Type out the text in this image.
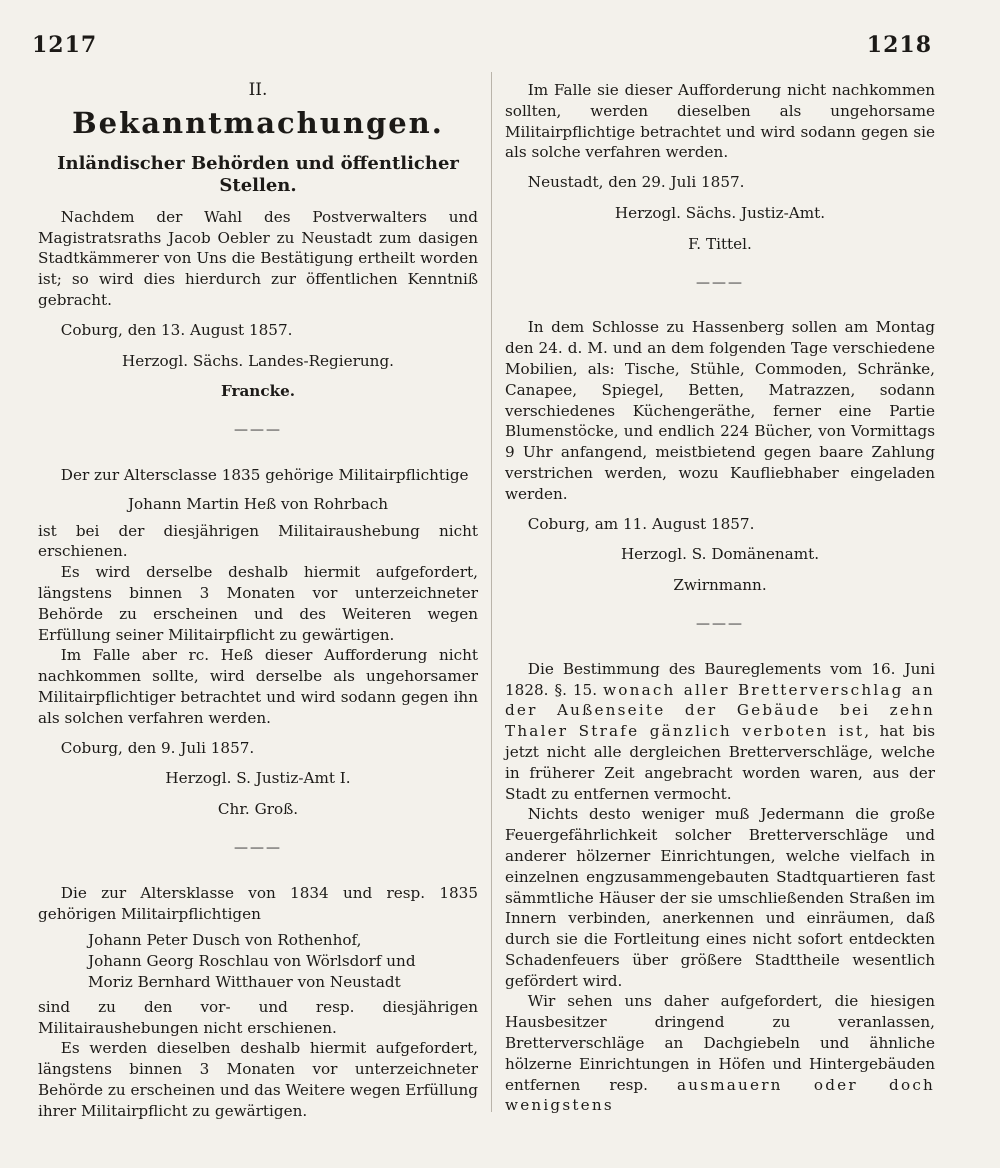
1217	1218
II.
Bekanntmachungen.
Inländischer Behörden und öffentlicher Stellen.

Nachdem der Wahl des Postverwalters und Magistratsraths Jacob Oebler zu Neustadt zum dasigen Stadtkämmerer von Uns die Bestätigung ertheilt worden ist; so wird dies hierdurch zur öffentlichen Kenntniß gebracht.

Coburg, den 13. August 1857.

Herzogl. Sächs. Landes-Regierung.

Francke.

———

Der zur Altersclasse 1835 gehörige Militairpflichtige

Johann Martin Heß von Rohrbach

ist bei der diesjährigen Militairaushebung nicht erschienen.

Es wird derselbe deshalb hiermit aufgefordert, längstens binnen 3 Monaten vor unterzeichneter Behörde zu erscheinen und des Weiteren wegen Erfüllung seiner Militairpflicht zu gewärtigen.

Im Falle aber rc. Heß dieser Aufforderung nicht nachkommen sollte, wird derselbe als ungehorsamer Militairpflichtiger betrachtet und wird sodann gegen ihn als solchen verfahren werden.

Coburg, den 9. Juli 1857.

Herzogl. S. Justiz-Amt I.

Chr. Groß.

———

Die zur Altersklasse von 1834 und resp. 1835 gehörigen Militairpflichtigen

Johann Peter Dusch von Rothenhof,
Johann Georg Roschlau von Wörlsdorf und
Moriz Bernhard Witthauer von Neustadt

sind zu den vor- und resp. diesjährigen Militairaushebungen nicht erschienen.

Es werden dieselben deshalb hiermit aufgefordert, längstens binnen 3 Monaten vor unterzeichneter Behörde zu erscheinen und das Weitere wegen Erfüllung ihrer Militairpflicht zu gewärtigen.

Im Falle sie dieser Aufforderung nicht nachkommen sollten, werden dieselben als ungehorsame Militairpflichtige betrachtet und wird sodann gegen sie als solche verfahren werden.

Neustadt, den 29. Juli 1857.

Herzogl. Sächs. Justiz-Amt.

F. Tittel.

———

In dem Schlosse zu Hassenberg sollen am Montag den 24. d. M. und an dem folgenden Tage verschiedene Mobilien, als: Tische, Stühle, Commoden, Schränke, Canapee, Spiegel, Betten, Matrazzen, sodann verschiedenes Küchengeräthe, ferner eine Partie Blumenstöcke, und endlich 224 Bücher, von Vormittags 9 Uhr anfangend, meistbietend gegen baare Zahlung verstrichen werden, wozu Kaufliebhaber eingeladen werden.

Coburg, am 11. August 1857.

Herzogl. S. Domänenamt.

Zwirnmann.

———

Die Bestimmung des Baureglements vom 16. Juni 1828. §. 15. wonach aller Bretterverschlag an der Außenseite der Gebäude bei zehn Thaler Strafe gänzlich verboten ist, hat bis jetzt nicht alle dergleichen Bretterverschläge, welche in früherer Zeit angebracht worden waren, aus der Stadt zu entfernen vermocht.

Nichts desto weniger muß Jedermann die große Feuergefährlichkeit solcher Bretterverschläge und anderer hölzerner Einrichtungen, welche vielfach in einzelnen engzusammengebauten Stadtquartieren fast sämmtliche Häuser der sie umschließenden Straßen im Innern verbinden, anerkennen und einräumen, daß durch sie die Fortleitung eines nicht sofort entdeckten Schadenfeuers über größere Stadttheile wesentlich gefördert wird.

Wir sehen uns daher aufgefordert, die hiesigen Hausbesitzer dringend zu veranlassen, Bretterverschläge an Dachgiebeln und ähnliche hölzerne Einrichtungen in Höfen und Hintergebäuden entfernen resp. ausmauern oder doch wenigstens
